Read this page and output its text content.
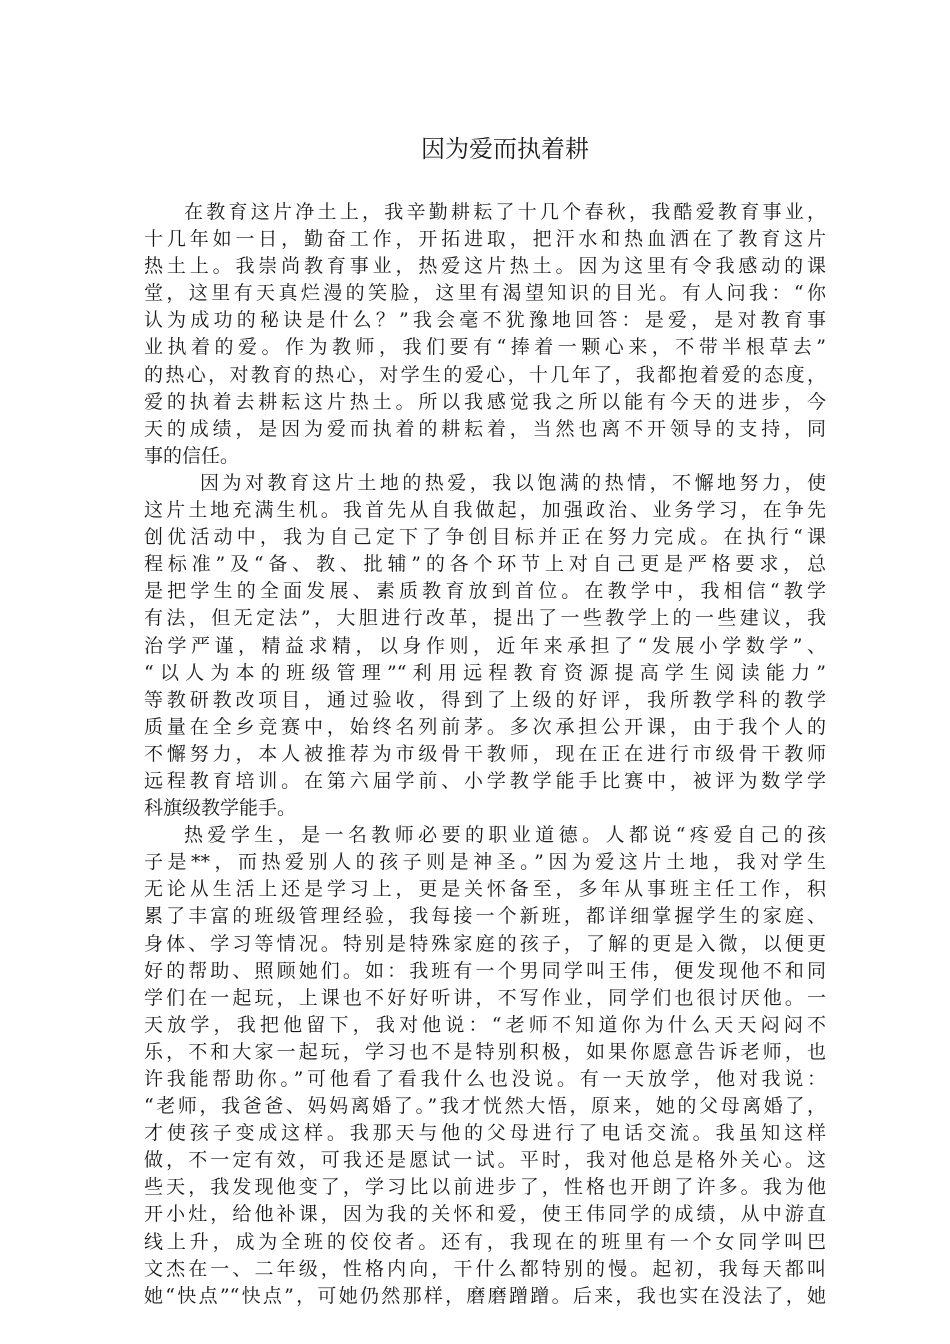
因为爱而执着耕
在教育这片净土上，我辛勤耕耘了十几个春秋，我酷爱教育事业，
十几年如一日，勤奋工作，开拓进取，把汗水和热血洒在了教育这片
热土上。我崇尚教育事业，热爱这片热土。因为这里有令我感动的课
堂，这里有天真烂漫的笑脸，这里有渴望知识的目光。有人问我：“你
认为成功的秘诀是什么？”我会毫不犹豫地回答：是爱，是对教育事
业执着的爱。作为教师，我们要有“捧着一颗心来，不带半根草去”
的热心，对教育的热心，对学生的爱心，十几年了，我都抱着爱的态度，
爱的执着去耕耘这片热土。所以我感觉我之所以能有今天的进步，今
天的成绩，是因为爱而执着的耕耘着，当然也离不开领导的支持，同
事的信任。
因为对教育这片土地的热爱，我以饱满的热情，不懈地努力，使
这片土地充满生机。我首先从自我做起，加强政治、业务学习，在争先
创优活动中，我为自己定下了争创目标并正在努力完成。在执行“课
程标准”及“备、教、批辅”的各个环节上对自己更是严格要求，总
是把学生的全面发展、素质教育放到首位。在教学中，我相信“教学
有法，但无定法”，大胆进行改革，提出了一些教学上的一些建议，我
治学严谨，精益求精，以身作则，近年来承担了“发展小学数学”、
“以人为本的班级管理”“利用远程教育资源提高学生阅读能力”
等教研教改项目，通过验收，得到了上级的好评，我所教学科的教学
质量在全乡竞赛中，始终名列前茅。多次承担公开课，由于我个人的
不懈努力，本人被推荐为市级骨干教师，现在正在进行市级骨干教师
远程教育培训。在第六届学前、小学教学能手比赛中，被评为数学学
科旗级教学能手。
热爱学生，是一名教师必要的职业道德。人都说“疼爱自己的孩
子是**，而热爱别人的孩子则是神圣。”因为爱这片土地，我对学生
无论从生活上还是学习上，更是关怀备至，多年从事班主任工作，积
累了丰富的班级管理经验，我每接一个新班，都详细掌握学生的家庭、
身体、学习等情况。特别是特殊家庭的孩子，了解的更是入微，以便更
好的帮助、照顾她们。如：我班有一个男同学叫王伟，便发现他不和同
学们在一起玩，上课也不好好听讲，不写作业，同学们也很讨厌他。一
天放学，我把他留下，我对他说：“老师不知道你为什么天天闷闷不
乐，不和大家一起玩，学习也不是特别积极，如果你愿意告诉老师，也
许我能帮助你。”可他看了看我什么也没说。有一天放学，他对我说：
“老师，我爸爸、妈妈离婚了。”我才恍然大悟，原来，她的父母离婚了，
才使孩子变成这样。我那天与他的父母进行了电话交流。我虽知这样
做，不一定有效，可我还是愿试一试。平时，我对他总是格外关心。这
些天，我发现他变了，学习比以前进步了，性格也开朗了许多。我为他
开小灶，给他补课，因为我的关怀和爱，使王伟同学的成绩，从中游直
线上升，成为全班的佼佼者。还有，我现在的班里有一个女同学叫巴
文杰在一、二年级，性格内向，干什么都特别的慢。起初，我每天都叫
她“快点”“快点”，可她仍然那样，磨磨蹭蹭。后来，我也实在没法了，她
